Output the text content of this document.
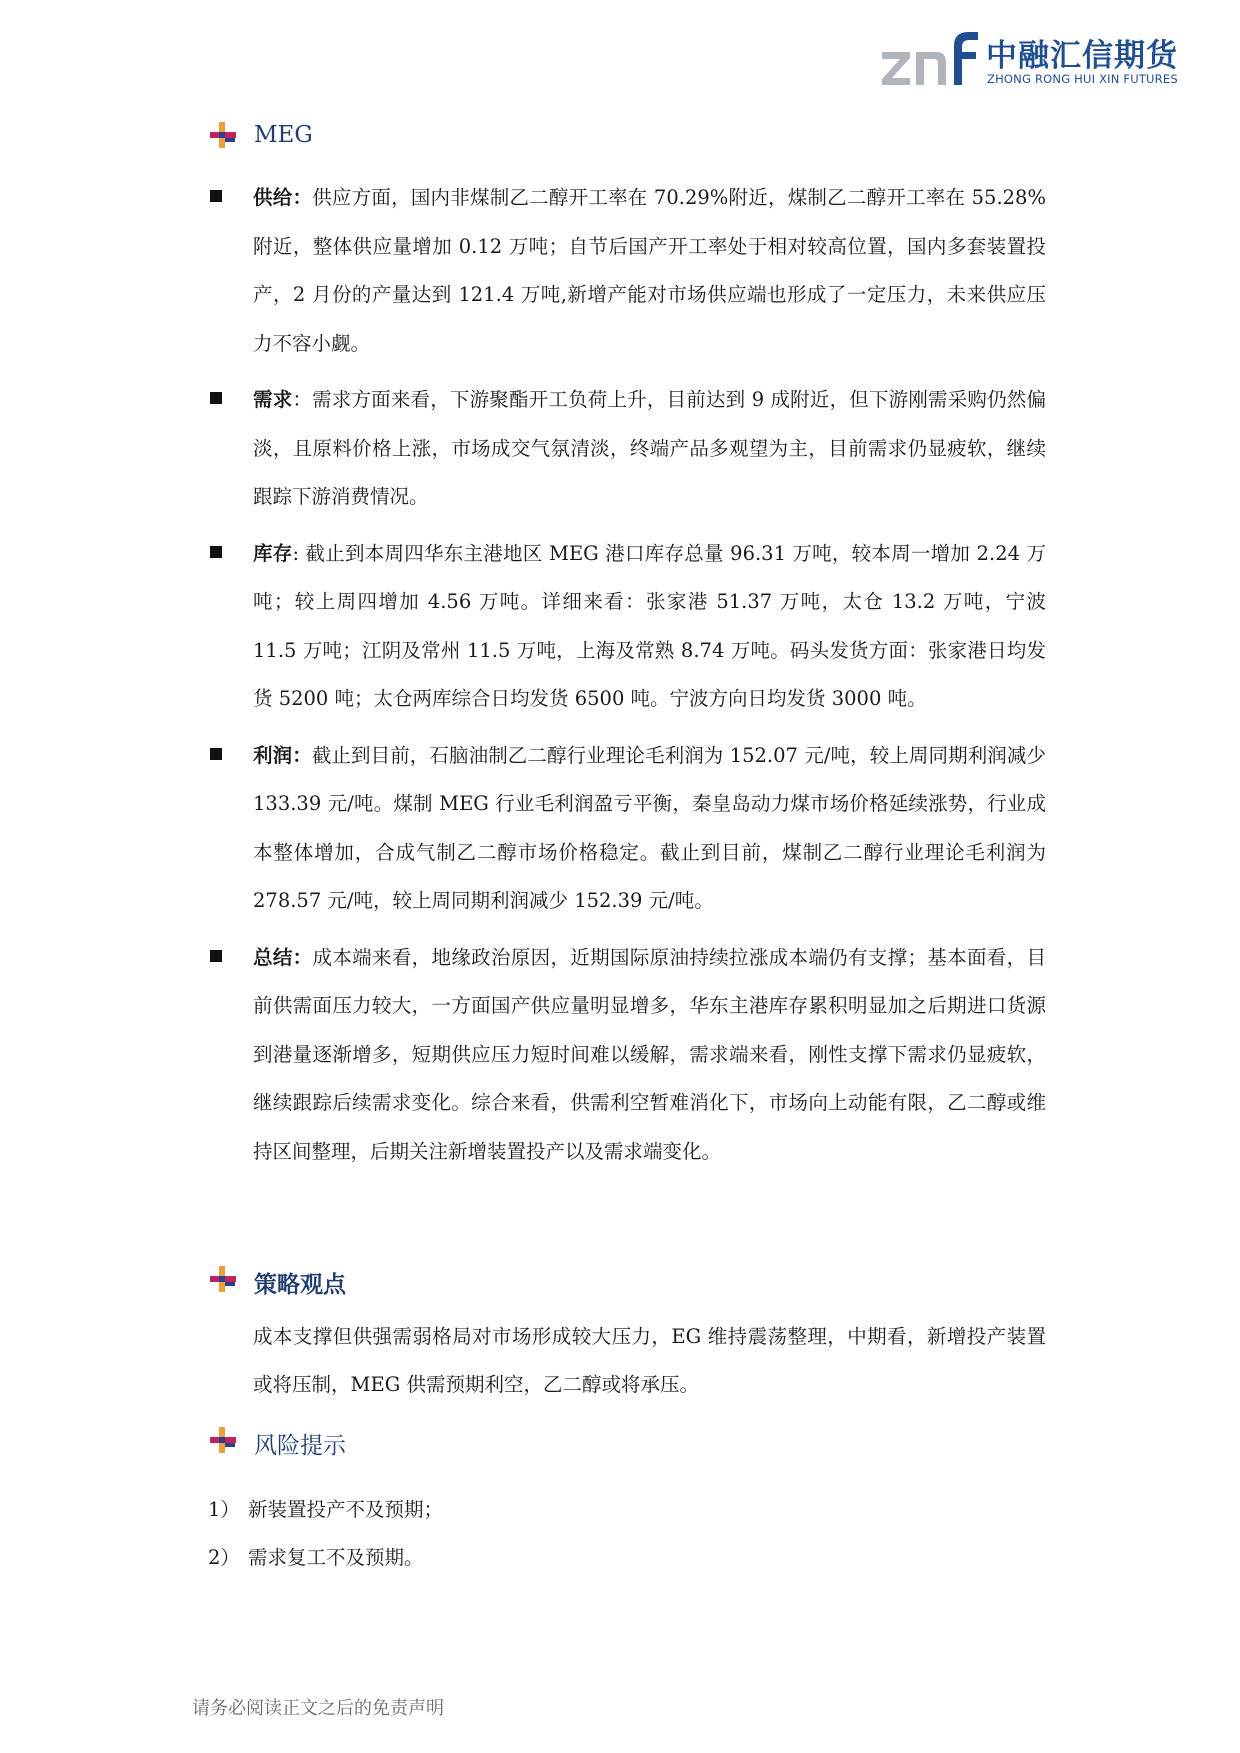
中融汇信期货
ZHONG RONG HUI XIN FUTURES
MEG

供给：供应方面，国内非煤制乙二醇开工率在 70.29%附近，煤制乙二醇开工率在 55.28%附近，整体供应量增加 0.12 万吨；自节后国产开工率处于相对较高位置，国内多套装置投产，2 月份的产量达到 121.4 万吨,新增产能对市场供应端也形成了一定压力，未来供应压力不容小觑。

需求：需求方面来看，下游聚酯开工负荷上升，目前达到 9 成附近，但下游刚需采购仍然偏淡，且原料价格上涨，市场成交气氛清淡，终端产品多观望为主，目前需求仍显疲软，继续跟踪下游消费情况。

库存: 截止到本周四华东主港地区 MEG 港口库存总量 96.31 万吨，较本周一增加 2.24 万吨；较上周四增加 4.56 万吨。详细来看：张家港 51.37 万吨，太仓 13.2 万吨，宁波 11.5 万吨；江阴及常州 11.5 万吨，上海及常熟 8.74 万吨。码头发货方面：张家港日均发货 5200 吨；太仓两库综合日均发货 6500 吨。宁波方向日均发货 3000 吨。

利润：截止到目前，石脑油制乙二醇行业理论毛利润为 152.07 元/吨，较上周同期利润减少 133.39 元/吨。煤制 MEG 行业毛利润盈亏平衡，秦皇岛动力煤市场价格延续涨势，行业成本整体增加，合成气制乙二醇市场价格稳定。截止到目前，煤制乙二醇行业理论毛利润为 278.57 元/吨，较上周同期利润减少 152.39 元/吨。

总结：成本端来看，地缘政治原因，近期国际原油持续拉涨成本端仍有支撑；基本面看，目前供需面压力较大，一方面国产供应量明显增多，华东主港库存累积明显加之后期进口货源到港量逐渐增多，短期供应压力短时间难以缓解，需求端来看，刚性支撑下需求仍显疲软，继续跟踪后续需求变化。综合来看，供需利空暂难消化下，市场向上动能有限，乙二醇或维持区间整理，后期关注新增装置投产以及需求端变化。

策略观点

成本支撑但供强需弱格局对市场形成较大压力，EG 维持震荡整理，中期看，新增投产装置或将压制，MEG 供需预期利空，乙二醇或将承压。

风险提示
1） 新装置投产不及预期；
2） 需求复工不及预期。
请务必阅读正文之后的免责声明
